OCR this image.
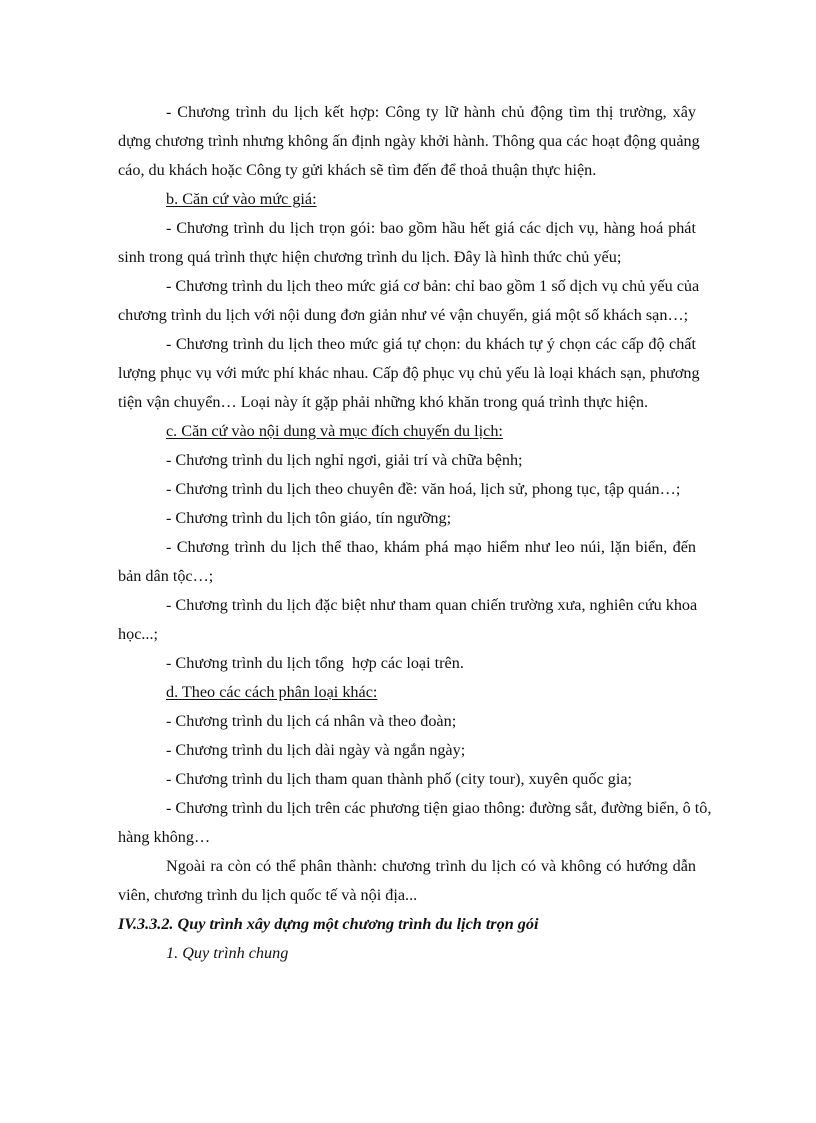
- Chương trình du lịch kết hợp: Công ty lữ hành chủ động tìm thị trường, xây
dựng chương trình nhưng không ấn định ngày khởi hành. Thông qua các hoạt động quảng
cáo, du khách hoặc Công ty gửi khách sẽ tìm đến để thoả thuận thực hiện.
b. Căn cứ vào mức giá:
- Chương trình du lịch trọn gói: bao gồm hầu hết giá các dịch vụ, hàng hoá phát
sinh trong quá trình thực hiện chương trình du lịch. Đây là hình thức chủ yếu;
- Chương trình du lịch theo mức giá cơ bản: chỉ bao gồm 1 số dịch vụ chủ yếu của
chương trình du lịch với nội dung đơn giản như vé vận chuyển, giá một số khách sạn…;
- Chương trình du lịch theo mức giá tự chọn: du khách tự ý chọn các cấp độ chất
lượng phục vụ với mức phí khác nhau. Cấp độ phục vụ chủ yếu là loại khách sạn, phương
tiện vận chuyển… Loại này ít gặp phải những khó khăn trong quá trình thực hiện.
c. Căn cứ vào nội dung và mục đích chuyến du lịch:
- Chương trình du lịch nghỉ ngơi, giải trí và chữa bệnh;
- Chương trình du lịch theo chuyên đề: văn hoá, lịch sử, phong tục, tập quán…;
- Chương trình du lịch tôn giáo, tín ngưỡng;
- Chương trình du lịch thể thao, khám phá mạo hiểm như leo núi, lặn biển, đến
bản dân tộc…;
- Chương trình du lịch đặc biệt như tham quan chiến trường xưa, nghiên cứu khoa
học...;
- Chương trình du lịch tổng  hợp các loại trên.
d. Theo các cách phân loại khác:
- Chương trình du lịch cá nhân và theo đoàn;
- Chương trình du lịch dài ngày và ngắn ngày;
- Chương trình du lịch tham quan thành phố (city tour), xuyên quốc gia;
- Chương trình du lịch trên các phương tiện giao thông: đường sắt, đường biển, ô tô,
hàng không…
Ngoài ra còn có thể phân thành: chương trình du lịch có và không có hướng dẫn
viên, chương trình du lịch quốc tế và nội địa...
IV.3.3.2. Quy trình xây dựng một chương trình du lịch trọn gói
1. Quy trình chung
